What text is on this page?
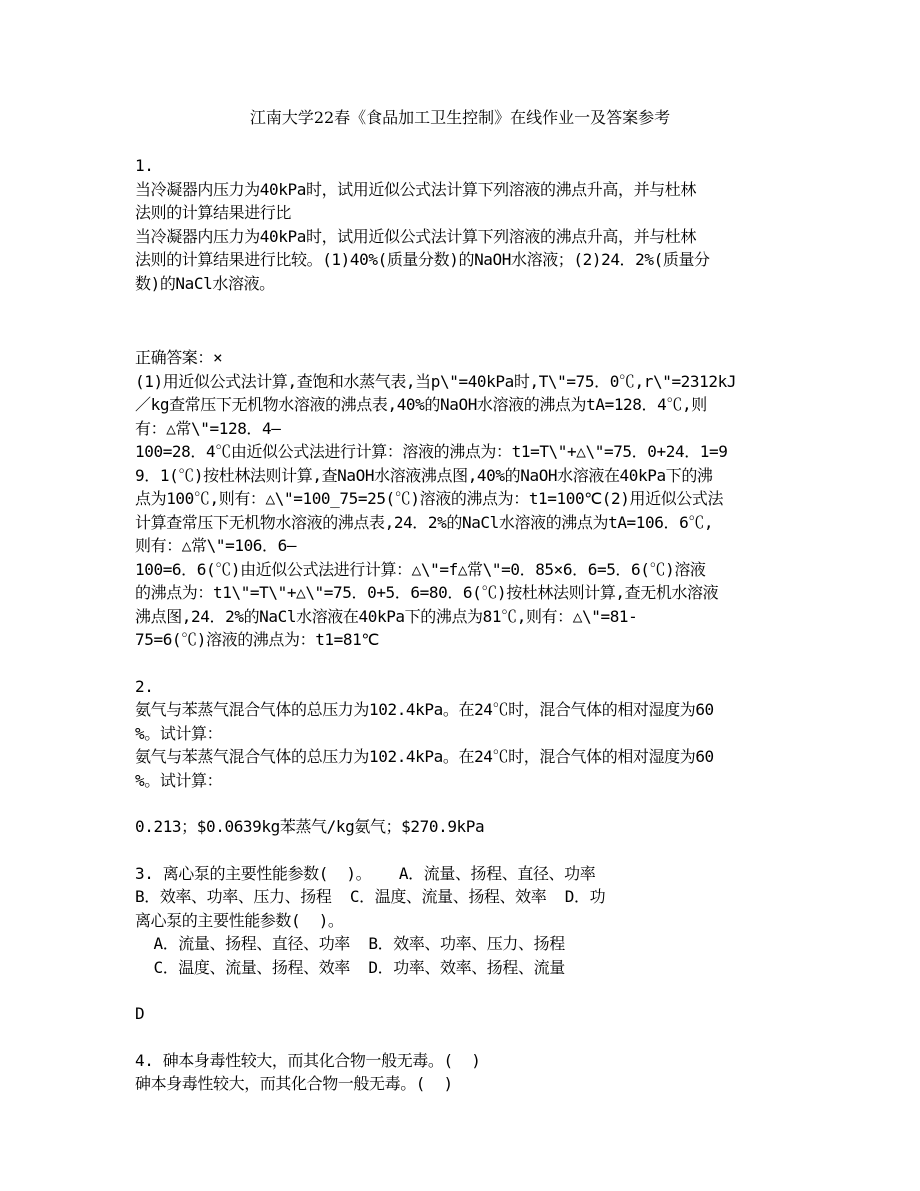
江南大学22春《食品加工卫生控制》在线作业一及答案参考

1.

当冷凝器内压力为40kPa时，试用近似公式法计算下列溶液的沸点升高，并与杜林

法则的计算结果进行比

当冷凝器内压力为40kPa时，试用近似公式法计算下列溶液的沸点升高，并与杜林

法则的计算结果进行比较。(1)40%(质量分数)的NaOH水溶液；(2)24．2%(质量分

数)的NaCl水溶液。

正确答案：×

(1)用近似公式法计算,查饱和水蒸气表,当p\"=40kPa时,T\"=75．0℃,r\"=2312kJ

／kg查常压下无机物水溶液的沸点表,40%的NaOH水溶液的沸点为tA=128．4℃,则

有：△常\"=128．4—

100=28．4℃由近似公式法进行计算：溶液的沸点为：t1=T\"+△\"=75．0+24．1=9

9．1(℃)按杜林法则计算,查NaOH水溶液沸点图,40%的NaOH水溶液在40kPa下的沸

点为100℃,则有：△\"=100_75=25(℃)溶液的沸点为：t1=100℃(2)用近似公式法

计算查常压下无机物水溶液的沸点表,24．2%的NaCl水溶液的沸点为tA=106．6℃,

则有：△常\"=106．6—

100=6．6(℃)由近似公式法进行计算：△\"=f△常\"=0．85×6．6=5．6(℃)溶液

的沸点为：t1\"=T\"+△\"=75．0+5．6=80．6(℃)按杜林法则计算,查无机水溶液

沸点图,24．2%的NaCl水溶液在40kPa下的沸点为81℃,则有：△\"=81-

75=6(℃)溶液的沸点为：t1=81℃

2.

氨气与苯蒸气混合气体的总压力为102.4kPa。在24℃时，混合气体的相对湿度为60

%。试计算：

氨气与苯蒸气混合气体的总压力为102.4kPa。在24℃时，混合气体的相对湿度为60

%。试计算：

0.213；$0.0639kg苯蒸气/kg氨气；$270.9kPa

3. 离心泵的主要性能参数(  )。   A．流量、扬程、直径、功率

B．效率、功率、压力、扬程  C．温度、流量、扬程、效率  D．功

离心泵的主要性能参数(  )。

A．流量、扬程、直径、功率  B．效率、功率、压力、扬程

C．温度、流量、扬程、效率  D．功率、效率、扬程、流量

D

4. 砷本身毒性较大，而其化合物一般无毒。(  )

砷本身毒性较大，而其化合物一般无毒。(  )
